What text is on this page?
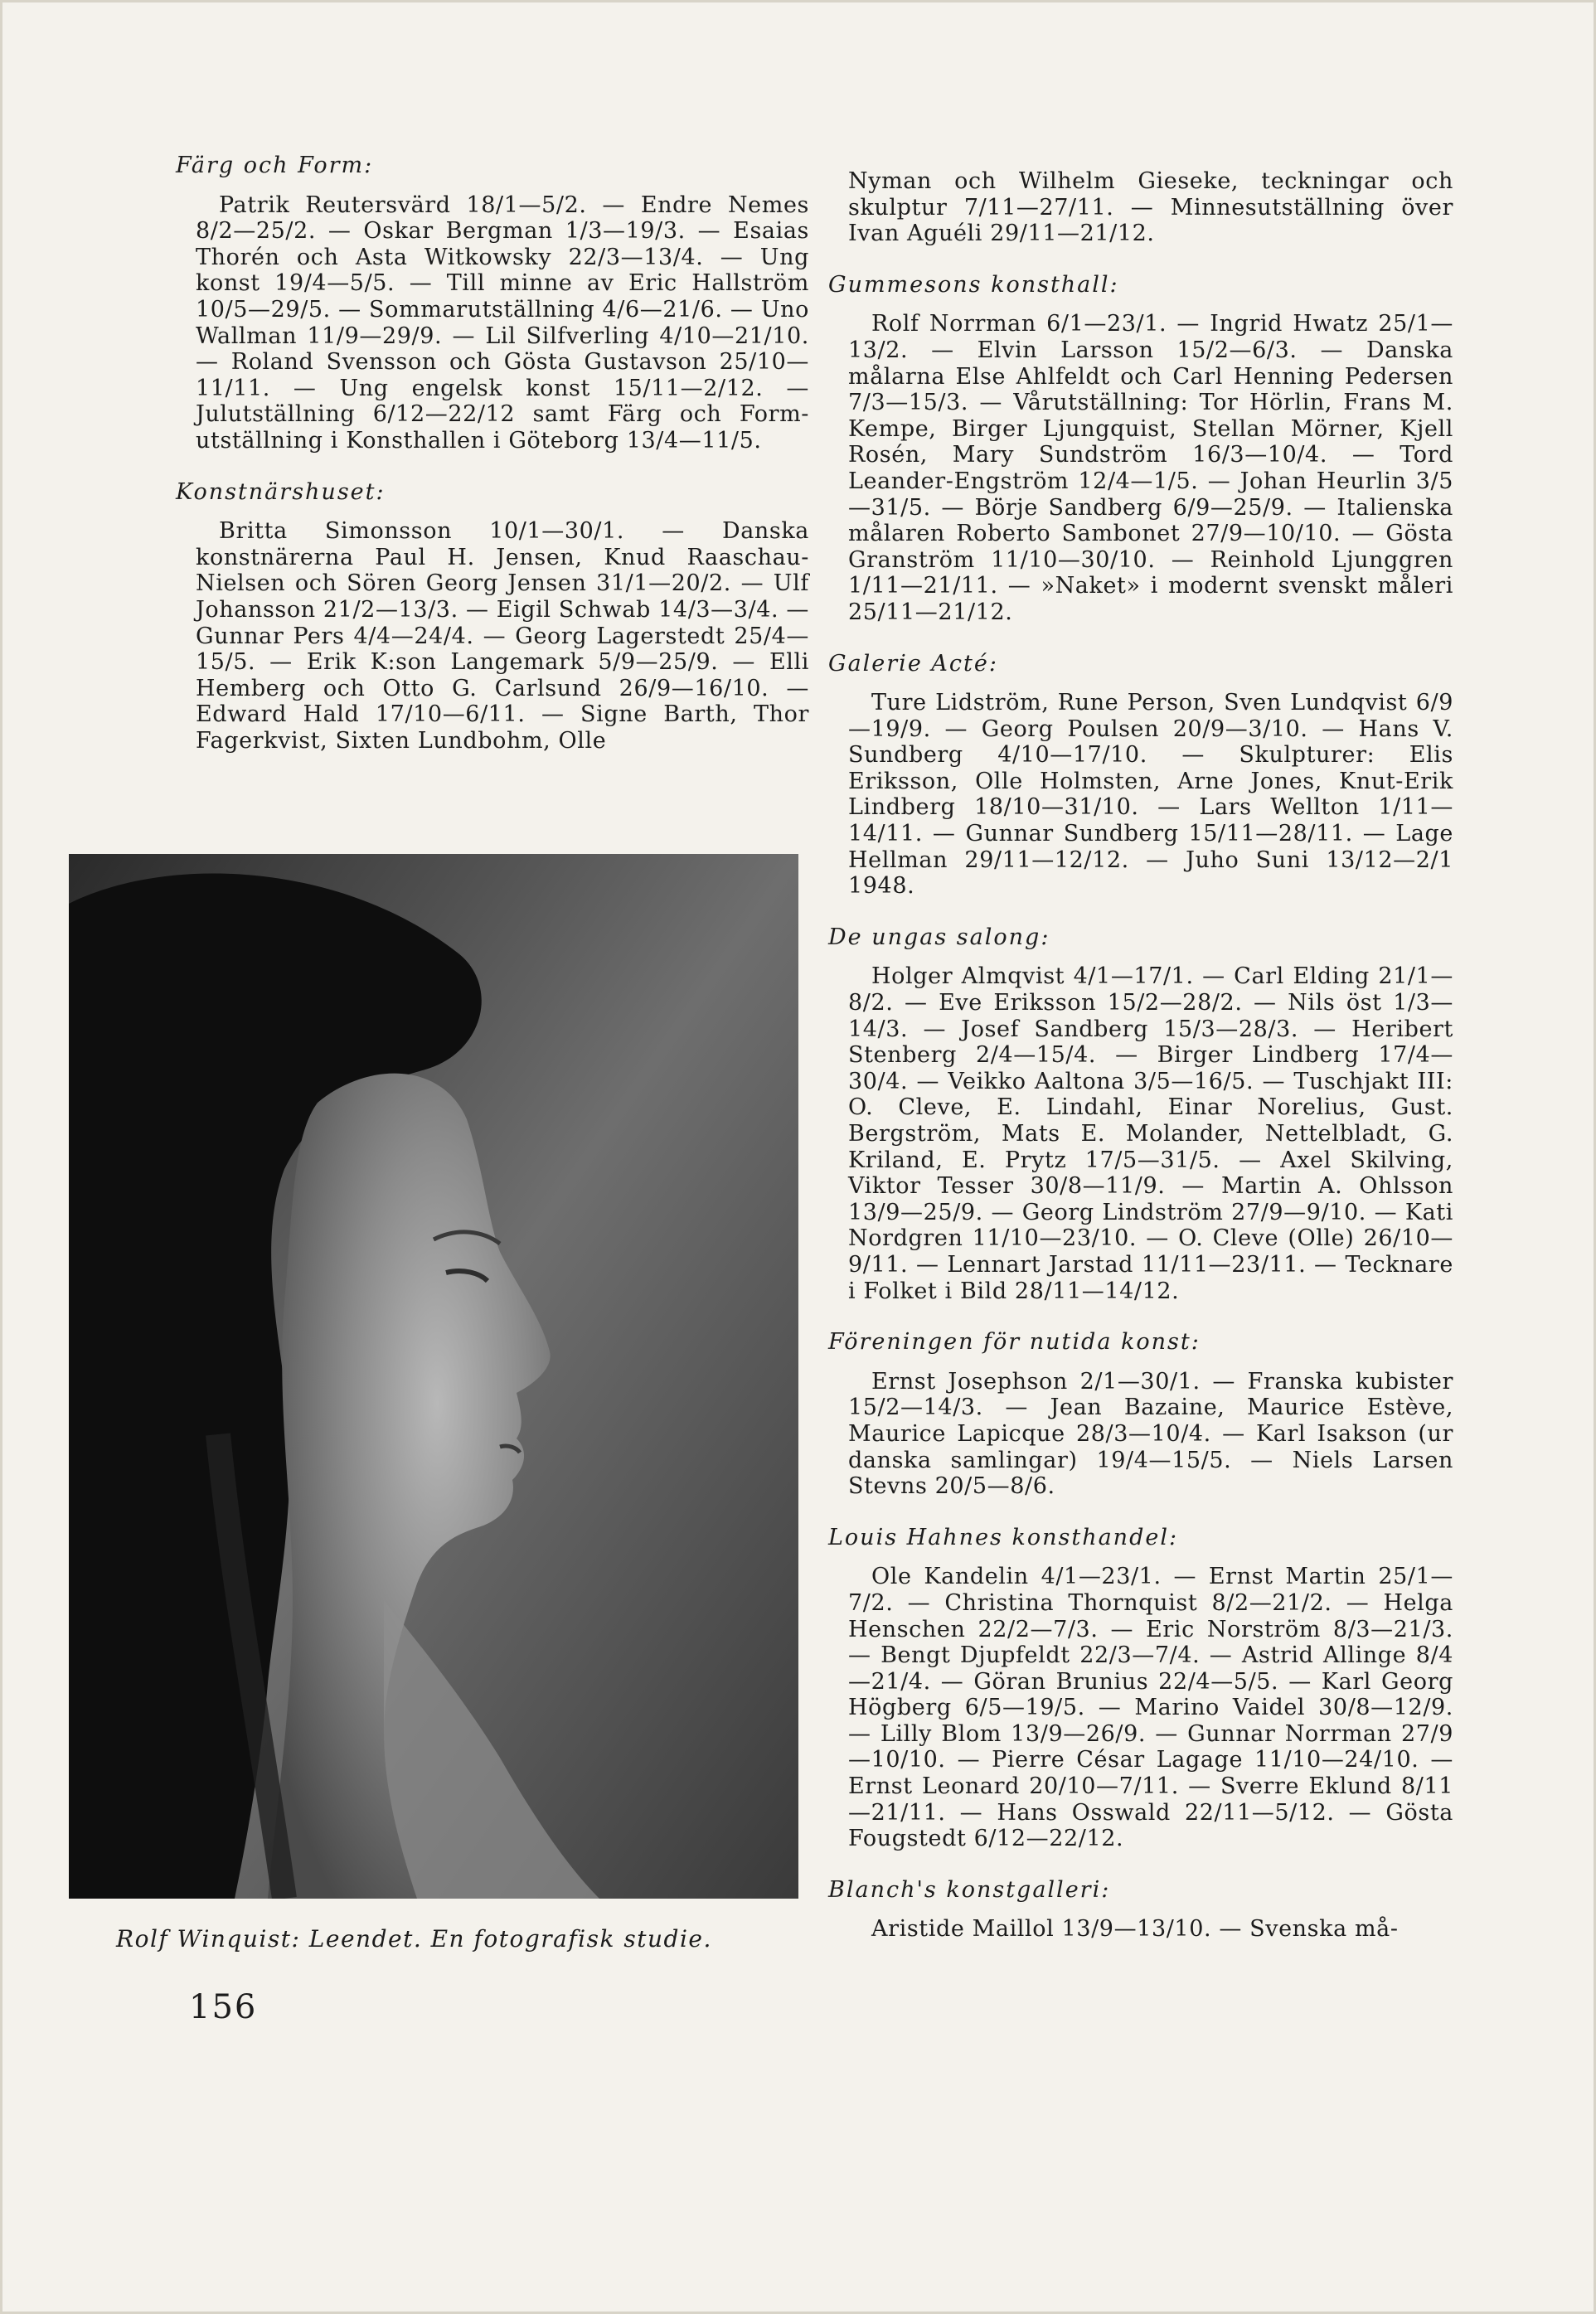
Färg och Form:

Patrik Reutersvärd 18/1—5/2. — Endre Nemes 8/2—25/2. — Oskar Bergman 1/3—19/3. — Esaias Thorén och Asta Witkowsky 22/3—13/4. — Ung konst 19/4—5/5. — Till minne av Eric Hallström 10/5—29/5. — Sommarutställning 4/6—21/6. — Uno Wallman 11/9—29/9. — Lil Silfverling 4/10—21/10. — Roland Svensson och Gösta Gustavson 25/10—11/11. — Ung engelsk konst 15/11—2/12. — Julutställning 6/12—22/12 samt Färg och Form-utställning i Konsthallen i Göteborg 13/4—11/5.

Konstnärshuset:

Britta Simonsson 10/1—30/1. — Danska konstnärerna Paul H. Jensen, Knud Raaschau-Nielsen och Sören Georg Jensen 31/1—20/2. — Ulf Johansson 21/2—13/3. — Eigil Schwab 14/3—3/4. — Gunnar Pers 4/4—24/4. — Georg Lagerstedt 25/4—15/5. — Erik K:son Langemark 5/9—25/9. — Elli Hemberg och Otto G. Carlsund 26/9—16/10. — Edward Hald 17/10—6/11. — Signe Barth, Thor Fagerkvist, Sixten Lundbohm, Olle

Rolf Winquist: Leendet. En fotografisk studie.
156

Nyman och Wilhelm Gieseke, teckningar och skulptur 7/11—27/11. — Minnesutställning över Ivan Aguéli 29/11—21/12.

Gummesons konsthall:

Rolf Norrman 6/1—23/1. — Ingrid Hwatz 25/1—13/2. — Elvin Larsson 15/2—6/3. — Danska målarna Else Ahlfeldt och Carl Henning Pedersen 7/3—15/3. — Vårutställning: Tor Hörlin, Frans M. Kempe, Birger Ljungquist, Stellan Mörner, Kjell Rosén, Mary Sundström 16/3—10/4. — Tord Leander-Engström 12/4—1/5. — Johan Heurlin 3/5—31/5. — Börje Sandberg 6/9—25/9. — Italienska målaren Roberto Sambonet 27/9—10/10. — Gösta Granström 11/10—30/10. — Reinhold Ljunggren 1/11—21/11. — »Naket» i modernt svenskt måleri 25/11—21/12.

Galerie Acté:

Ture Lidström, Rune Person, Sven Lundqvist 6/9—19/9. — Georg Poulsen 20/9—3/10. — Hans V. Sundberg 4/10—17/10. — Skulpturer: Elis Eriksson, Olle Holmsten, Arne Jones, Knut-Erik Lindberg 18/10—31/10. — Lars Wellton 1/11—14/11. — Gunnar Sundberg 15/11—28/11. — Lage Hellman 29/11—12/12. — Juho Suni 13/12—2/1 1948.

De ungas salong:

Holger Almqvist 4/1—17/1. — Carl Elding 21/1—8/2. — Eve Eriksson 15/2—28/2. — Nils öst 1/3—14/3. — Josef Sandberg 15/3—28/3. — Heribert Stenberg 2/4—15/4. — Birger Lindberg 17/4—30/4. — Veikko Aaltona 3/5—16/5. — Tuschjakt III: O. Cleve, E. Lindahl, Einar Norelius, Gust. Bergström, Mats E. Molander, Nettelbladt, G. Kriland, E. Prytz 17/5—31/5. — Axel Skilving, Viktor Tesser 30/8—11/9. — Martin A. Ohlsson 13/9—25/9. — Georg Lindström 27/9—9/10. — Kati Nordgren 11/10—23/10. — O. Cleve (Olle) 26/10—9/11. — Lennart Jarstad 11/11—23/11. — Tecknare i Folket i Bild 28/11—14/12.

Föreningen för nutida konst:

Ernst Josephson 2/1—30/1. — Franska kubister 15/2—14/3. — Jean Bazaine, Maurice Estève, Maurice Lapicque 28/3—10/4. — Karl Isakson (ur danska samlingar) 19/4—15/5. — Niels Larsen Stevns 20/5—8/6.

Louis Hahnes konsthandel:

Ole Kandelin 4/1—23/1. — Ernst Martin 25/1—7/2. — Christina Thornquist 8/2—21/2. — Helga Henschen 22/2—7/3. — Eric Norström 8/3—21/3. — Bengt Djupfeldt 22/3—7/4. — Astrid Allinge 8/4—21/4. — Göran Brunius 22/4—5/5. — Karl Georg Högberg 6/5—19/5. — Marino Vaidel 30/8—12/9. — Lilly Blom 13/9—26/9. — Gunnar Norrman 27/9—10/10. — Pierre César Lagage 11/10—24/10. — Ernst Leonard 20/10—7/11. — Sverre Eklund 8/11—21/11. — Hans Osswald 22/11—5/12. — Gösta Fougstedt 6/12—22/12.

Blanch's konstgalleri:

Aristide Maillol 13/9—13/10. — Svenska må-
